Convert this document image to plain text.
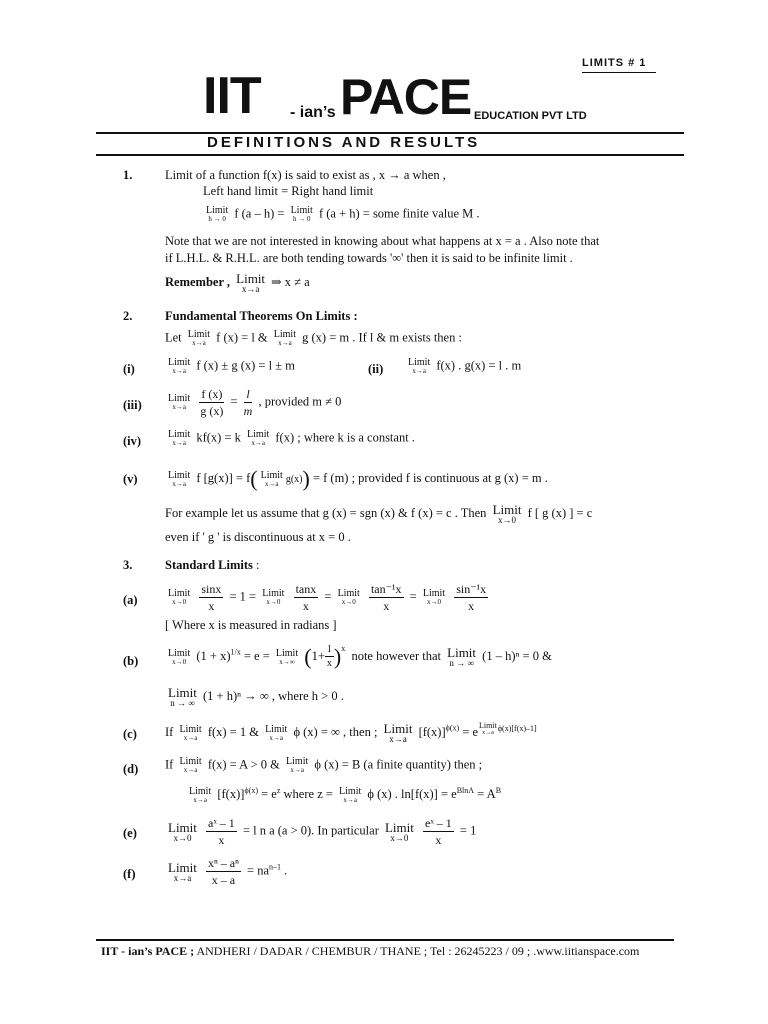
LIMITS # 1
IIT - ian’s PACE EDUCATION PVT LTD
DEFINITIONS AND RESULTS
1.	Limit of a function f(x) is said to exist as , x → a when ,
Left hand limit = Right hand limit
Limit
h → 0 f (a – h) = Limit
h → 0 f (a + h) = some finite value M .
Note that we are not interested in knowing about what happens at x = a . Also note that
if L.H.L. & R.H.L. are both tending towards '∞' then it is said to be infinite limit .
Remember , Limit
x→a
⇒ x ≠ a
2.	Fundamental Theorems On Limits :
Let Limit
x→a f (x) = l & Limit
x→a g (x) = m . If l & m exists then :
(i)	Limit
x→a f (x) ± g (x) = l ± m	(ii) Limit
x→a f(x) . g(x) = l . m
(iii)	Limit
x→a
	$\frac{f (x)}{g (x)} = \frac{l}{m}$ , provided m ≠ 0
(iv)	Limit
x→a kf(x) = k Limit
x→a f(x) ; where k is a constant .
(v)	Limit
x→a f [g(x)] = f( Limit
x→a g(x)) = f (m) ; provided f is continuous at g (x) = m .
For example let us assume that g (x) = sgn (x) & f (x) = c . Then Limit
x→0
f [ g (x) ] = c
even if ' g ' is discontinuous at x = 0 .
3.	Standard Limits :
(a)	Limit
x→0
	$\frac{\sin x}{x} = 1$ = Limit
x→0
	$\frac{\tan x}{x}$ = Limit
x→0
	$\frac{\text{tan⁻¹x}}{x}$ = Limit
x→0
	$\frac{\text{sin⁻¹x}}{x}$
[ Where x is measured in radians ]
(b)
Limit
x→0 $(1 + x)^{1/x} = e$ = Limit
x→∞ $(1+ \frac{1}{x} )^x$  note however that Limit
n → ∞
(1 – h)ⁿ = 0 &
Limit
n → ∞
(1 + h)ⁿ → ∞ , where h > 0 .
(c) If Limit
x→a f(x) = 1 & Limit
x→a ϕ (x) = ∞ , then ; Limit
x→a
$[f(x)]^{\phi(x)} = e$ $^{Limit x\to a \phi(x)[f(x)-1]}$
(d) If Limit
x→a f(x) = A > 0 & Limit
x→a ϕ (x) = B (a finite quantity) then ;
Limit
x→a $[f(x)]^{\phi(x)} = e^z$ where z = Limit
x→a ϕ (x) . $\ln[f(x)] = e^{BlnA} = A^B$
(e) Limit
x→0
	$\frac{\text{aˣ – 1}}{x} = l$ n a (a > 0). In particular Limit
x→0
	$\frac{\text{eˣ – 1}}{x} = 1$
(f)	Limit
x→a
	$\frac{\text{xⁿ – aⁿ}}{x - a} = na^{n-1}$ .
IIT - ian’s PACE ; ANDHERI / DADAR / CHEMBUR / THANE ; Tel : 26245223 / 09 ; .www.iitianspace.com
